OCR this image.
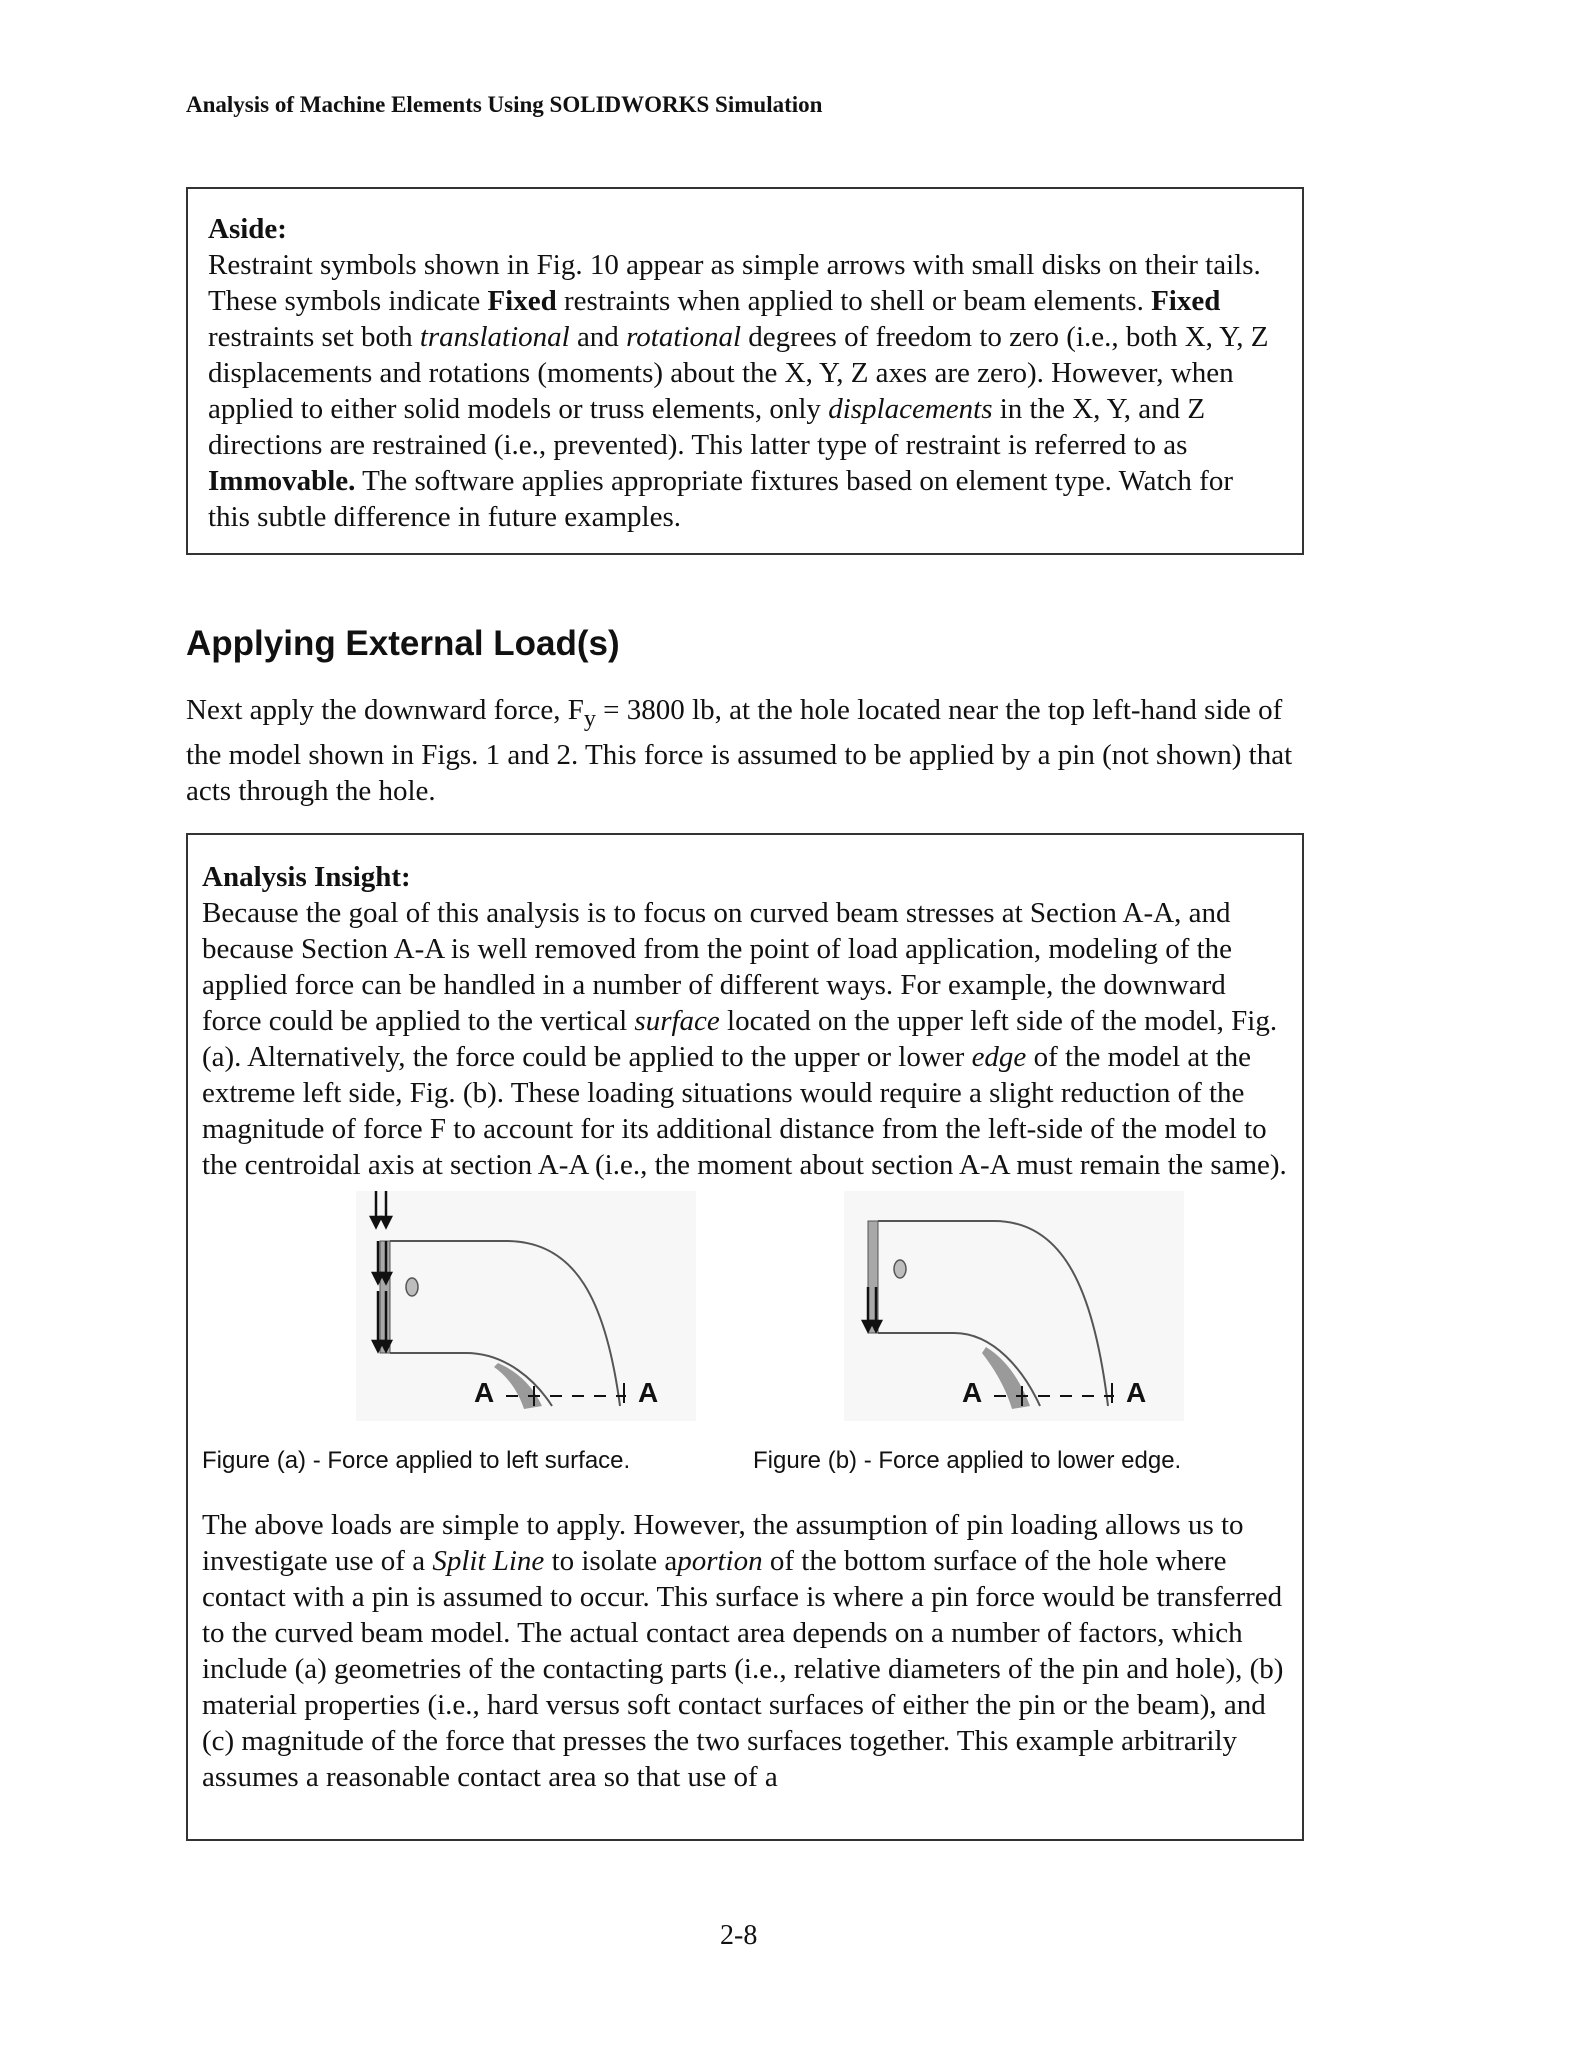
Analysis of Machine Elements Using SOLIDWORKS Simulation
Aside:

Restraint symbols shown in Fig. 10 appear as simple arrows with small disks on their tails. These symbols indicate Fixed restraints when applied to shell or beam elements. Fixed restraints set both translational and rotational degrees of freedom to zero (i.e., both X, Y, Z displacements and rotations (moments) about the X, Y, Z axes are zero). However, when applied to either solid models or truss elements, only displacements in the X, Y, and Z directions are restrained (i.e., prevented). This latter type of restraint is referred to as Immovable. The software applies appropriate fixtures based on element type. Watch for this subtle difference in future examples.

Applying External Load(s)

Next apply the downward force, $F_y = 3800$ lb, at the hole located near the top left-hand side of the model shown in Figs. 1 and 2. This force is assumed to be applied by a pin (not shown) that acts through the hole.

Analysis Insight:

Because the goal of this analysis is to focus on curved beam stresses at Section A-A, and because Section A-A is well removed from the point of load application, modeling of the applied force can be handled in a number of different ways. For example, the downward force could be applied to the vertical surface located on the upper left side of the model, Fig. (a). Alternatively, the force could be applied to the upper or lower edge of the model at the extreme left side, Fig. (b). These loading situations would require a slight reduction of the magnitude of force F to account for its additional distance from the left-side of the model to the centroidal axis at section A-A (i.e., the moment about section A-A must remain the same).

A	A	A	A
Figure (a) - Force applied to left surface.	Figure (b) - Force applied to lower edge.

The above loads are simple to apply. However, the assumption of pin loading allows us to investigate use of a Split Line to isolate aportion of the bottom surface of the hole where contact with a pin is assumed to occur. This surface is where a pin force would be transferred to the curved beam model. The actual contact area depends on a number of factors, which include (a) geometries of the contacting parts (i.e., relative diameters of the pin and hole), (b) material properties (i.e., hard versus soft contact surfaces of either the pin or the beam), and (c) magnitude of the force that presses the two surfaces together. This example arbitrarily assumes a reasonable contact area so that use of a

2-8
